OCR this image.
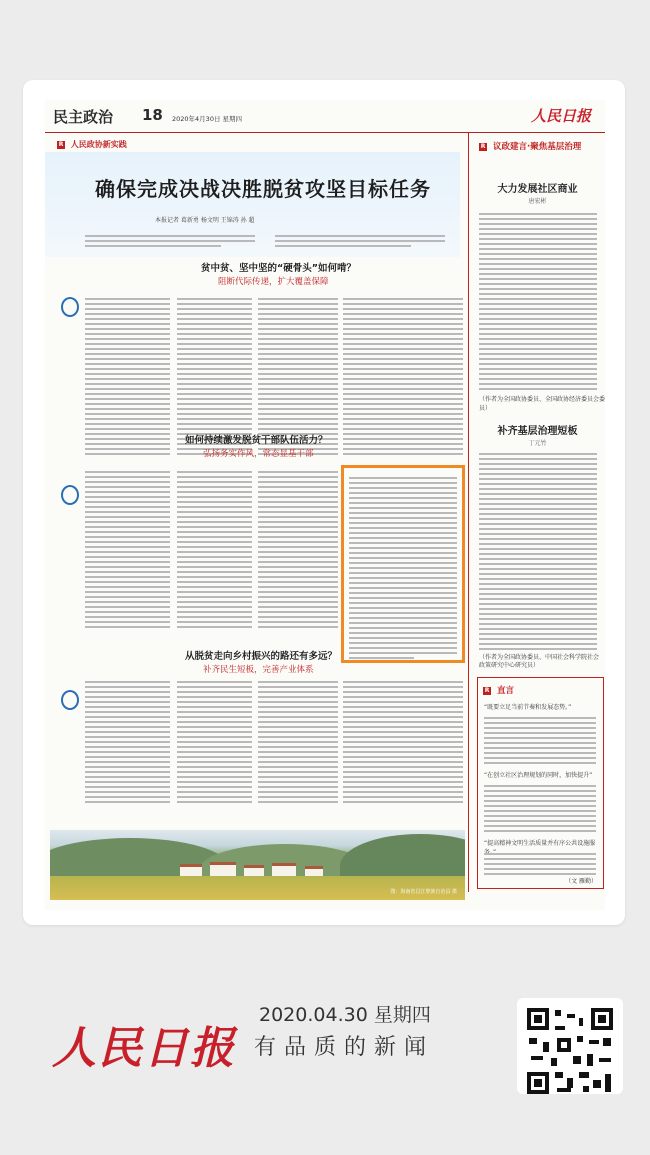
民主政治 18 2020年4月30日 星期四	人民日报
R 人民政协新实践
确保完成决战决胜脱贫攻坚目标任务
本报记者 葛新勇 杨文明 王锦涛 孙 超
贫中贫、坚中坚的“硬骨头”如何啃？
阻断代际传递，扩大覆盖保障
如何持续激发脱贫干部队伍活力？
弘扬务实作风，常态显基干部
从脱贫走向乡村振兴的路还有多远？
补齐民生短板，完善产业体系
图：海南省昌江黎族自治县 摄
R 议政建言·聚焦基层治理
大力发展社区商业
唐宏彬
（作者为全国政协委员、全国政协经济委员会委员）
补齐基层治理短板
丁元竹
（作者为全国政协委员、中国社会科学院社会政策研究中心研究员）
R 直言
“既要立足当前节奏和发展态势。”
“在创立社区治理规划的同时，加快提升”
“提高精神文明生活质量并有序公共设施服
（文 雁勤）
人民日报
2020.04.30 星期四
有品质的新闻
